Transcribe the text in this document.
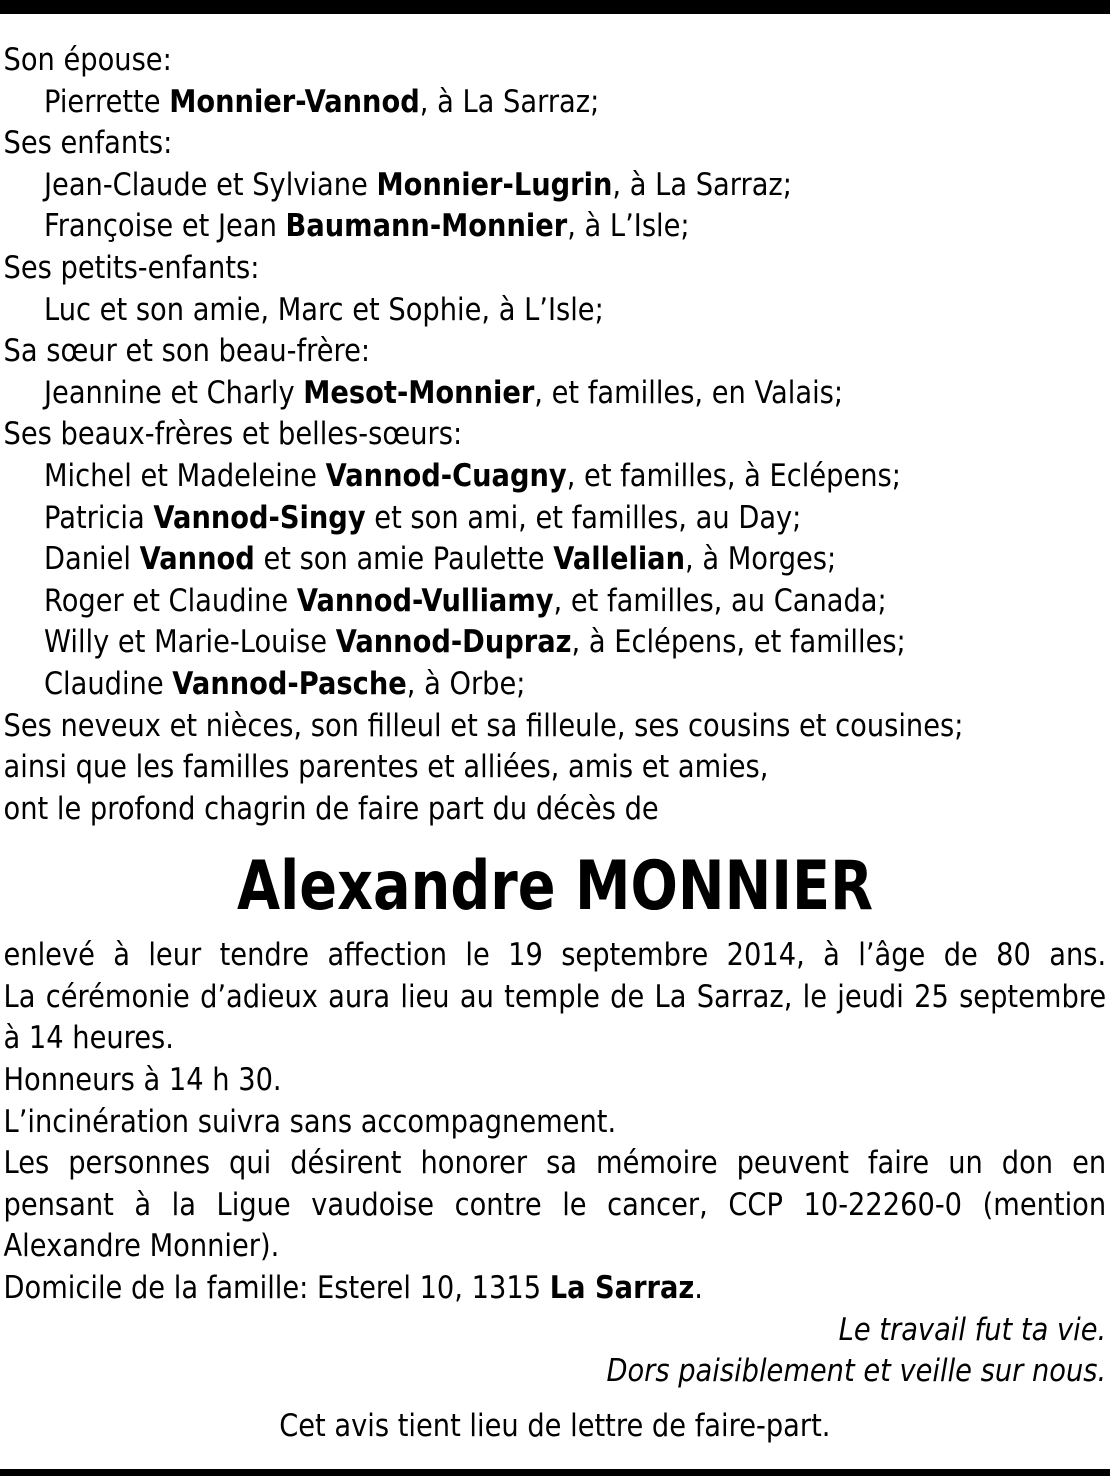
Son épouse:
Pierrette Monnier-Vannod, à La Sarraz;
Ses enfants:
Jean-Claude et Sylviane Monnier-Lugrin, à La Sarraz;
Françoise et Jean Baumann-Monnier, à L’Isle;
Ses petits-enfants:
Luc et son amie, Marc et Sophie, à L’Isle;
Sa sœur et son beau-frère:
Jeannine et Charly Mesot-Monnier, et familles, en Valais;
Ses beaux-frères et belles-sœurs:
Michel et Madeleine Vannod-Cuagny, et familles, à Eclépens;
Patricia Vannod-Singy et son ami, et familles, au Day;
Daniel Vannod et son amie Paulette Vallelian, à Morges;
Roger et Claudine Vannod-Vulliamy, et familles, au Canada;
Willy et Marie-Louise Vannod-Dupraz, à Eclépens, et familles;
Claudine Vannod-Pasche, à Orbe;
Ses neveux et nièces, son filleul et sa filleule, ses cousins et cousines;
ainsi que les familles parentes et alliées, amis et amies,
ont le profond chagrin de faire part du décès de
Alexandre MONNIER
enlevé à leur tendre affection le 19 septembre 2014, à l’âge de 80 ans.
La cérémonie d’adieux aura lieu au temple de La Sarraz, le jeudi 25 septembre
à 14 heures.
Honneurs à 14 h 30.
L’incinération suivra sans accompagnement.
Les personnes qui désirent honorer sa mémoire peuvent faire un don en
pensant à la Ligue vaudoise contre le cancer, CCP 10-22260-0 (mention
Alexandre Monnier).
Domicile de la famille: Esterel 10, 1315 La Sarraz.
Le travail fut ta vie.
Dors paisiblement et veille sur nous.
Cet avis tient lieu de lettre de faire-part.
